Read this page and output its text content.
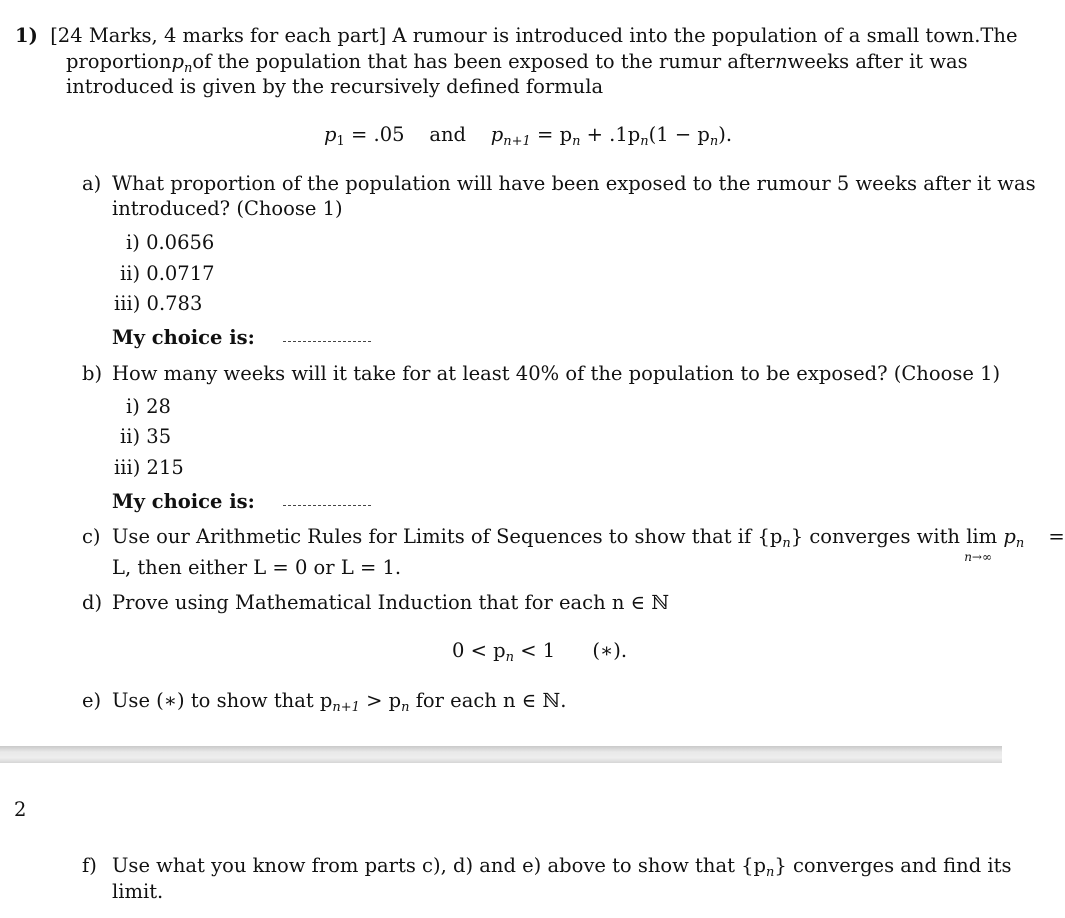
1) [24 Marks, 4 marks for each part] A rumour is introduced into the population of a small town. The
proportion $p_n$ of the population that has been exposed to the rumur after n weeks after it was
introduced is given by the recursively defined formula
$p_1 = .05$ and $p_{n+1} = p_n + .1p_n(1 - p_n)$.
a) What proportion of the population will have been exposed to the rumour 5 weeks after it was
introduced? (Choose 1)
i) 0.0656
ii) 0.0717
iii) 0.783
My choice is:
b) How many weeks will it take for at least 40% of the population to be exposed? (Choose 1)
i) 28
ii) 35
iii) 215
My choice is:
c) Use our Arithmetic Rules for Limits of Sequences to show that if $\{p_n\}$ converges with lim
n→∞
$p_n$ =
L, then either L = 0 or L = 1.
d) Prove using Mathematical Induction that for each n ∈ ℕ
$0 < p_n < 1$ (∗).
e) Use (∗) to show that $p_{n+1} > p_n$ for each n ∈ ℕ.
2
f) Use what you know from parts c), d) and e) above to show that $\{p_n\}$ converges and find its
limit.
